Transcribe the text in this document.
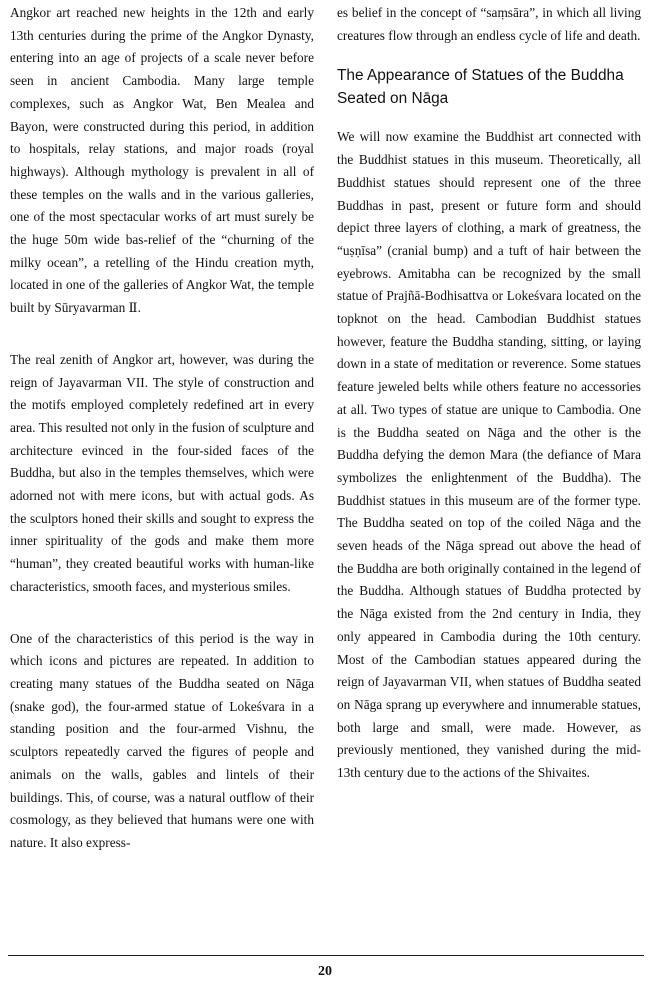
Angkor art reached new heights in the 12th and early 13th centuries during the prime of the Angkor Dynasty, entering into an age of projects of a scale never before seen in ancient Cambodia. Many large temple complexes, such as Angkor Wat, Ben Mealea and Bayon, were constructed during this period, in addition to hospitals, relay stations, and major roads (royal highways). Although mythology is prevalent in all of these temples on the walls and in the various galleries, one of the most spectacular works of art must surely be the huge 50m wide bas-relief of the “churning of the milky ocean”, a retelling of the Hindu creation myth, located in one of the galleries of Angkor Wat, the temple built by Sūryavarman Ⅱ.

The real zenith of Angkor art, however, was during the reign of Jayavarman VII. The style of construction and the motifs employed completely redefined art in every area. This resulted not only in the fusion of sculpture and architecture evinced in the four-sided faces of the Buddha, but also in the temples themselves, which were adorned not with mere icons, but with actual gods. As the sculptors honed their skills and sought to express the inner spirituality of the gods and make them more “human”, they created beautiful works with human-like characteristics, smooth faces, and mysterious smiles.

One of the characteristics of this period is the way in which icons and pictures are repeated. In addition to creating many statues of the Buddha seated on Nāga (snake god), the four-armed statue of Lokeśvara in a standing position and the four-armed Vishnu, the sculptors repeatedly carved the figures of people and animals on the walls, gables and lintels of their buildings. This, of course, was a natural outflow of their cosmology, as they believed that humans were one with nature. It also express-

es belief in the concept of “saṃsāra”, in which all living creatures flow through an endless cycle of life and death.

The Appearance of Statues of the Buddha Seated on Nāga

We will now examine the Buddhist art connected with the Buddhist statues in this museum. Theoretically, all Buddhist statues should represent one of the three Buddhas in past, present or future form and should depict three layers of clothing, a mark of greatness, the “uṣṇīsa” (cranial bump) and a tuft of hair between the eyebrows. Amitabha can be recognized by the small statue of Prajñā-Bodhisattva or Lokeśvara located on the topknot on the head. Cambodian Buddhist statues however, feature the Buddha standing, sitting, or laying down in a state of meditation or reverence. Some statues feature jeweled belts while others feature no accessories at all. Two types of statue are unique to Cambodia. One is the Buddha seated on Nāga and the other is the Buddha defying the demon Mara (the defiance of Mara symbolizes the enlightenment of the Buddha). The Buddhist statues in this museum are of the former type. The Buddha seated on top of the coiled Nāga and the seven heads of the Nāga spread out above the head of the Buddha are both originally contained in the legend of the Buddha. Although statues of Buddha protected by the Nāga existed from the 2nd century in India, they only appeared in Cambodia during the 10th century. Most of the Cambodian statues appeared during the reign of Jayavarman VII, when statues of Buddha seated on Nāga sprang up everywhere and innumerable statues, both large and small, were made. However, as previously mentioned, they vanished during the mid-13th century due to the actions of the Shivaites.

20
